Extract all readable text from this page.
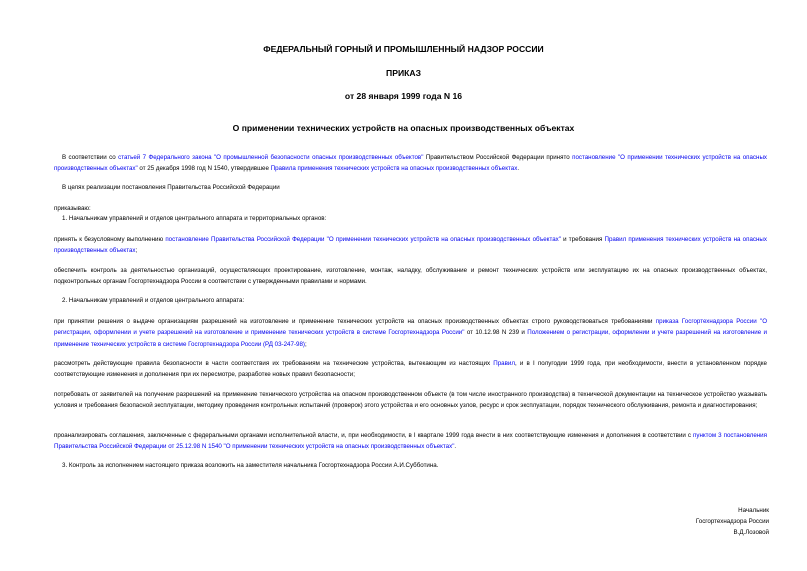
ФЕДЕРАЛЬНЫЙ ГОРНЫЙ И ПРОМЫШЛЕННЫЙ НАДЗОР РОССИИ
ПРИКАЗ
от 28 января 1999 года N 16
О применении технических устройств на опасных производственных объектах

В соответствии со статьей 7 Федерального закона "О промышленной безопасности опасных производственных объектов" Правительством Российской Федерации принято постановление "О применении технических устройств на опасных производственных объектах" от 25 декабря 1998 год N 1540, утвердившее Правила применения технических устройств на опасных производственных объектах.

В целях реализации постановления Правительства Российской Федерации

приказываю:

1. Начальникам управлений и отделов центрального аппарата и территориальных органов:

принять к безусловному выполнению постановление Правительства Российской Федерации "О применении технических устройств на опасных производственных объектах" и требования Правил применения технических устройств на опасных производственных объектах;

обеспечить контроль за деятельностью организаций, осуществляющих проектирование, изготовление, монтаж, наладку, обслуживание и ремонт технических устройств или эксплуатацию их на опасных производственных объектах, подконтрольных органам Госгортехнадзора России в соответствии с утвержденными правилами и нормами.

2. Начальникам управлений и отделов центрального аппарата:

при принятии решения о выдаче организациям разрешений на изготовление и применение технических устройств на опасных производственных объектах строго руководствоваться требованиями приказа Госгортехнадзора России "О регистрации, оформлении и учете разрешений на изготовление и применение технических устройств в системе Госгортехнадзора России" от 10.12.98 N 239 и Положением о регистрации, оформлении и учете разрешений на изготовление и применение технических устройств в системе Госгортехнадзора России (РД 03-247-98);

рассмотреть действующие правила безопасности в части соответствия их требованиям на технические устройства, вытекающим из настоящих Правил, и в I полугодии 1999 года, при необходимости, внести в установленном порядке соответствующие изменения и дополнения при их пересмотре, разработке новых правил безопасности;

потребовать от заявителей на получение разрешений на применение технического устройства на опасном производственном объекте (в том числе иностранного производства) в технической документации на техническое устройство указывать условия и требования безопасной эксплуатации, методику проведения контрольных испытаний (проверок) этого устройства и его основных узлов, ресурс и срок эксплуатации, порядок технического обслуживания, ремонта и диагностирования;

проанализировать соглашения, заключенные с федеральными органами исполнительной власти, и, при необходимости, в I квартале 1999 года внести в них соответствующие изменения и дополнения в соответствии с пунктом 3 постановления Правительства Российской Федерации от 25.12.98 N 1540 "О применении технических устройств на опасных производственных объектах".

3. Контроль за исполнением настоящего приказа возложить на заместителя начальника Госгортехнадзора России А.И.Субботина.

Начальник
Госгортехнадзора России
В.Д.Лозовой
